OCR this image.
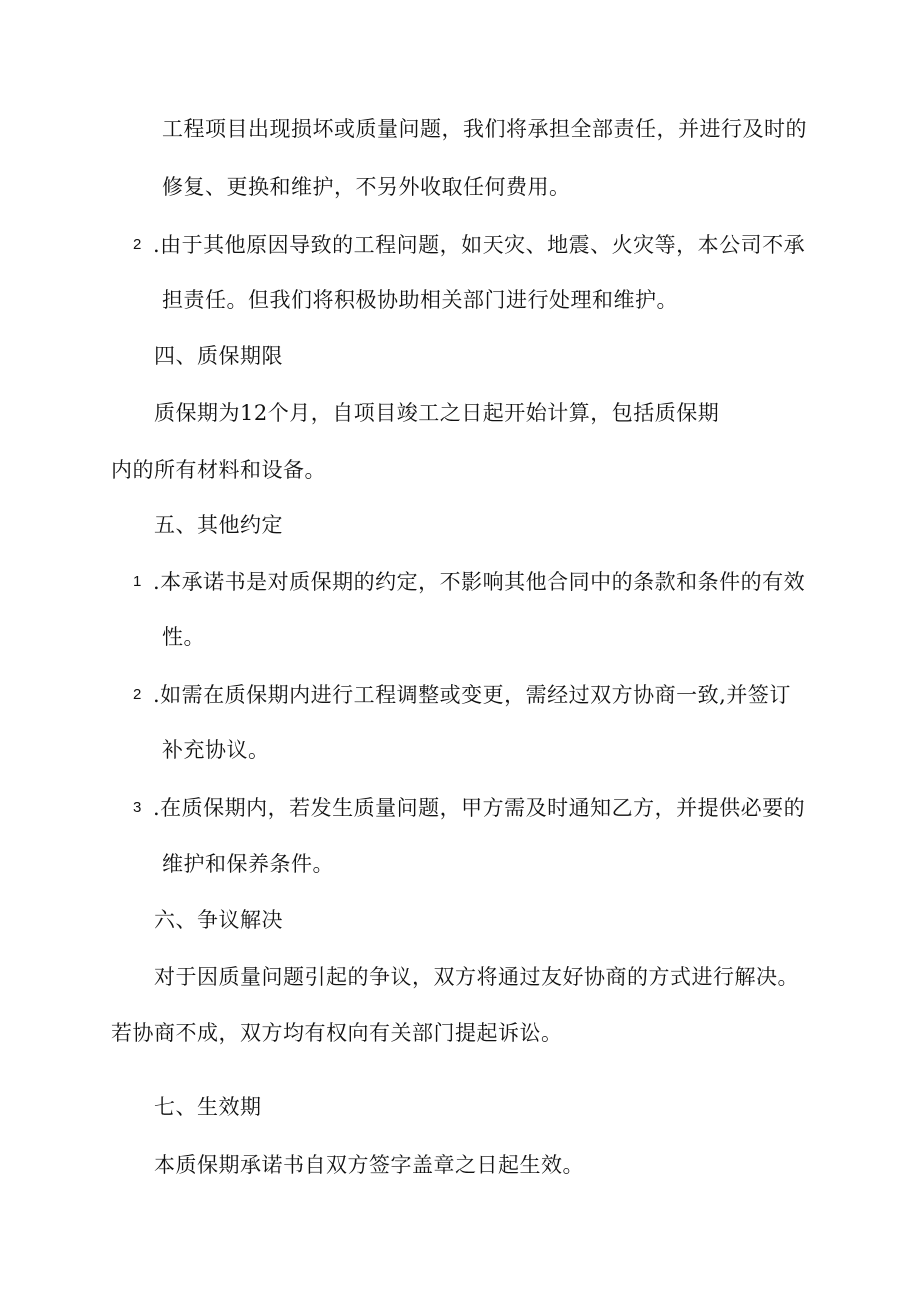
工程项目出现损坏或质量问题，我们将承担全部责任，并进行及时的
修复、更换和维护，不另外收取任何费用。
2 .由于其他原因导致的工程问题，如天灾、地震、火灾等，本公司不承
担责任。但我们将积极协助相关部门进行处理和维护。
四、质保期限
质保期为12个月，自项目竣工之日起开始计算，包括质保期
内的所有材料和设备。
五、其他约定
1 .本承诺书是对质保期的约定，不影响其他合同中的条款和条件的有效
性。
2 .如需在质保期内进行工程调整或变更，需经过双方协商一致,并签订
补充协议。
3 .在质保期内，若发生质量问题，甲方需及时通知乙方，并提供必要的
维护和保养条件。
六、争议解决
对于因质量问题引起的争议，双方将通过友好协商的方式进行解决。
若协商不成，双方均有权向有关部门提起诉讼。
七、生效期
本质保期承诺书自双方签字盖章之日起生效。
